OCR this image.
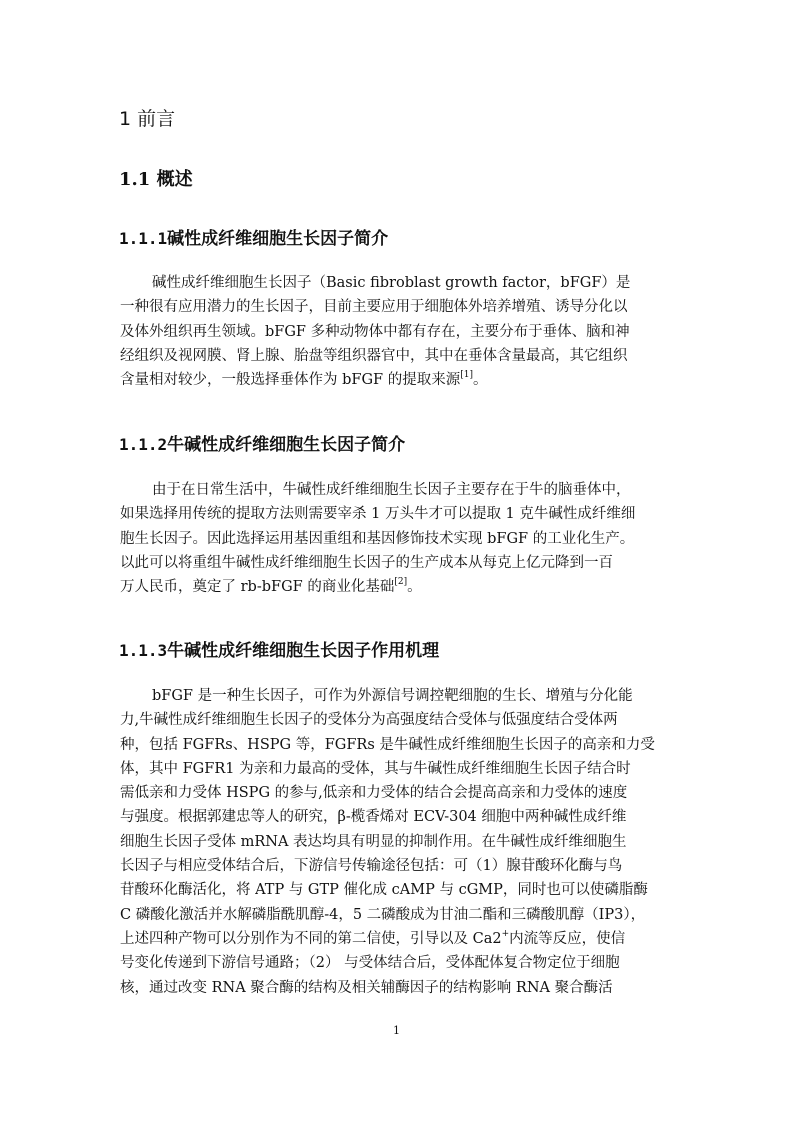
1 前言
1.1 概述
1.1.1碱性成纤维细胞生长因子简介
碱性成纤维细胞生长因子（Basic fibroblast growth factor，bFGF）是
一种很有应用潜力的生长因子，目前主要应用于细胞体外培养增殖、诱导分化以
及体外组织再生领域。bFGF 多种动物体中都有存在，主要分布于垂体、脑和神
经组织及视网膜、肾上腺、胎盘等组织器官中，其中在垂体含量最高，其它组织
含量相对较少，一般选择垂体作为 bFGF 的提取来源[1]。
1.1.2牛碱性成纤维细胞生长因子简介
由于在日常生活中，牛碱性成纤维细胞生长因子主要存在于牛的脑垂体中，
如果选择用传统的提取方法则需要宰杀 1 万头牛才可以提取 1 克牛碱性成纤维细
胞生长因子。因此选择运用基因重组和基因修饰技术实现 bFGF 的工业化生产。
以此可以将重组牛碱性成纤维细胞生长因子的生产成本从每克上亿元降到一百
万人民币，奠定了 rb-bFGF 的商业化基础[2]。
1.1.3牛碱性成纤维细胞生长因子作用机理
bFGF 是一种生长因子，可作为外源信号调控靶细胞的生长、增殖与分化能
力,牛碱性成纤维细胞生长因子的受体分为高强度结合受体与低强度结合受体两
种，包括 FGFRs、HSPG 等，FGFRs 是牛碱性成纤维细胞生长因子的高亲和力受
体，其中 FGFR1 为亲和力最高的受体，其与牛碱性成纤维细胞生长因子结合时
需低亲和力受体 HSPG 的参与,低亲和力受体的结合会提高高亲和力受体的速度
与强度。根据郭建忠等人的研究，β-榄香烯对 ECV-304 细胞中两种碱性成纤维
细胞生长因子受体 mRNA 表达均具有明显的抑制作用。在牛碱性成纤维细胞生
长因子与相应受体结合后，下游信号传输途径包括：可（1）腺苷酸环化酶与鸟
苷酸环化酶活化，将 ATP 与 GTP 催化成 cAMP 与 cGMP，同时也可以使磷脂酶
C 磷酸化激活并水解磷脂酰肌醇-4，5 二磷酸成为甘油二酯和三磷酸肌醇（IP3），
上述四种产物可以分别作为不同的第二信使，引导以及 Ca2+内流等反应，使信
号变化传递到下游信号通路；（2） 与受体结合后，受体配体复合物定位于细胞
核，通过改变 RNA 聚合酶的结构及相关辅酶因子的结构影响 RNA 聚合酶活
1
